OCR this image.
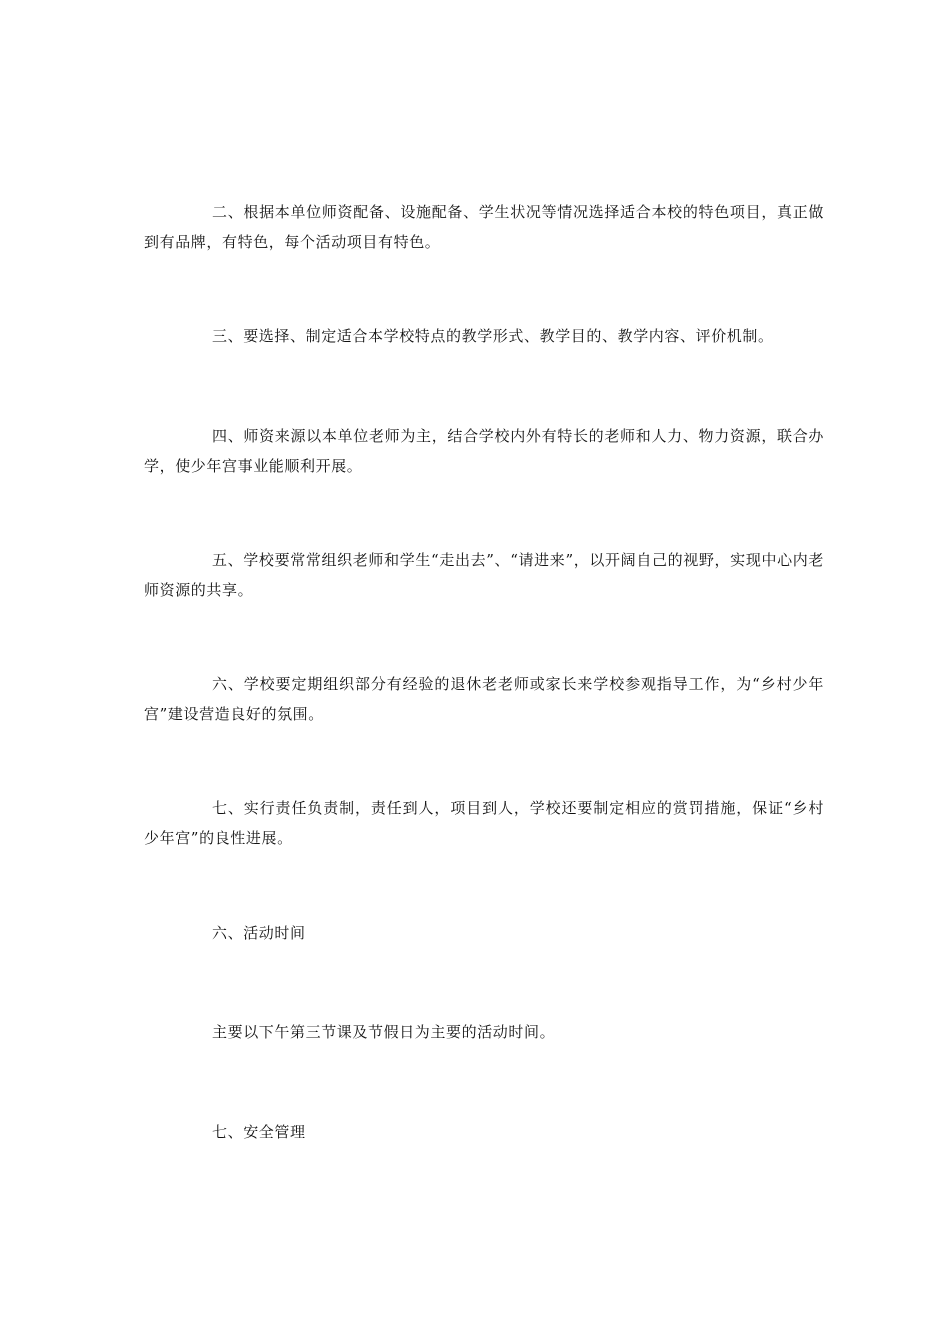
二、根据本单位师资配备、设施配备、学生状况等情况选择适合本校的特色项目，真正做到有品牌，有特色，每个活动项目有特色。

三、要选择、制定适合本学校特点的教学形式、教学目的、教学内容、评价机制。

四、师资来源以本单位老师为主，结合学校内外有特长的老师和人力、物力资源，联合办学，使少年宫事业能顺利开展。

五、学校要常常组织老师和学生“走出去”、“请进来”，以开阔自己的视野，实现中心内老师资源的共享。

六、学校要定期组织部分有经验的退休老老师或家长来学校参观指导工作，为“乡村少年宫”建设营造良好的氛围。

七、实行责任负责制，责任到人，项目到人，学校还要制定相应的赏罚措施，保证“乡村少年宫”的良性进展。

六、活动时间

主要以下午第三节课及节假日为主要的活动时间。

七、安全管理
